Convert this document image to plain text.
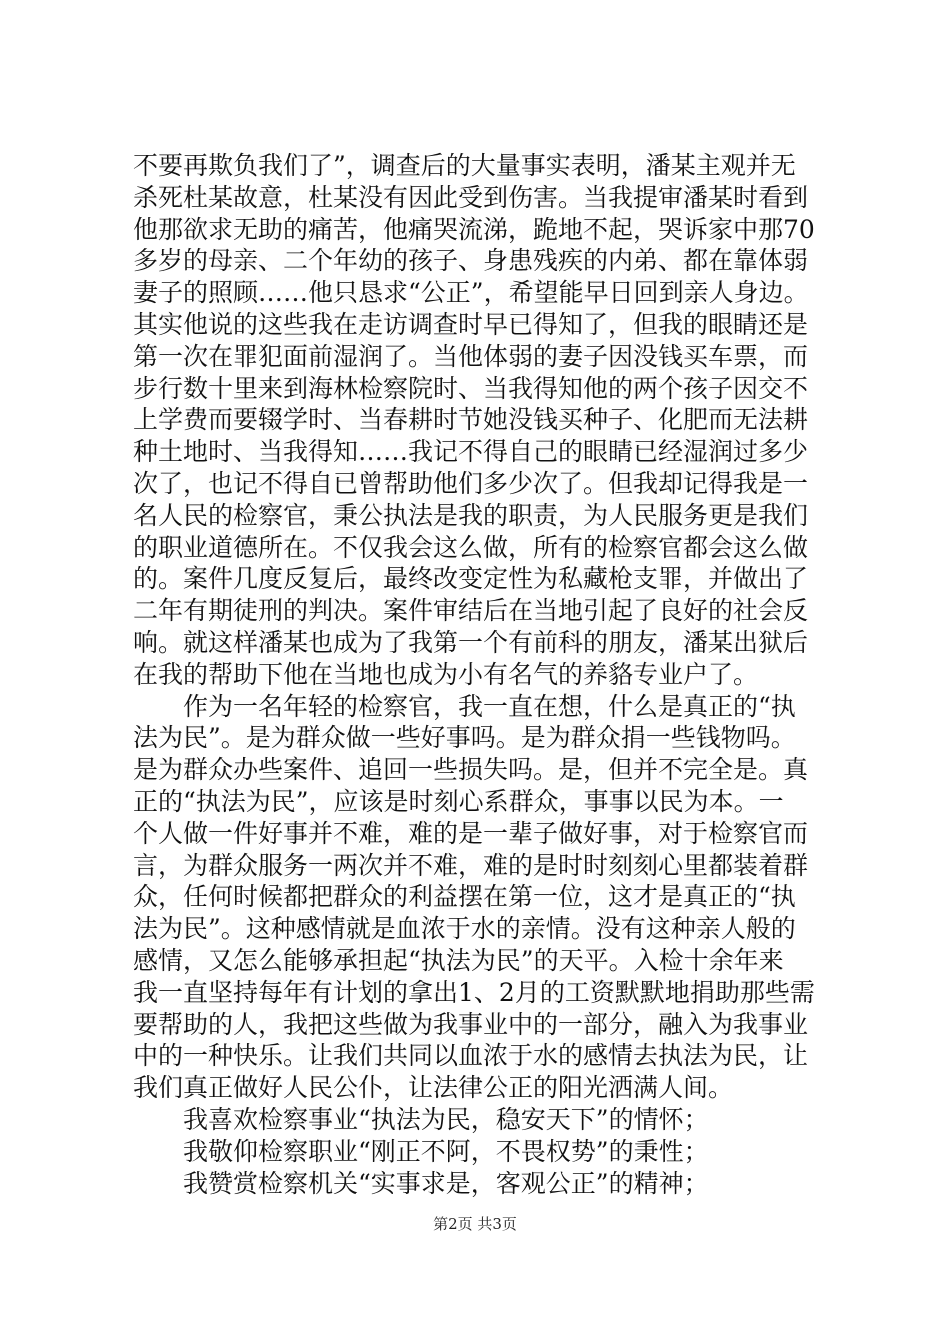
不要再欺负我们了”，调查后的大量事实表明，潘某主观并无
杀死杜某故意，杜某没有因此受到伤害。当我提审潘某时看到
他那欲求无助的痛苦，他痛哭流涕，跪地不起，哭诉家中那70
多岁的母亲、二个年幼的孩子、身患残疾的内弟、都在靠体弱
妻子的照顾……他只恳求“公正”，希望能早日回到亲人身边。
其实他说的这些我在走访调查时早已得知了，但我的眼睛还是
第一次在罪犯面前湿润了。当他体弱的妻子因没钱买车票，而
步行数十里来到海林检察院时、当我得知他的两个孩子因交不
上学费而要辍学时、当春耕时节她没钱买种子、化肥而无法耕
种土地时、当我得知……我记不得自己的眼睛已经湿润过多少
次了，也记不得自已曾帮助他们多少次了。但我却记得我是一
名人民的检察官，秉公执法是我的职责，为人民服务更是我们
的职业道德所在。不仅我会这么做，所有的检察官都会这么做
的。案件几度反复后，最终改变定性为私藏枪支罪，并做出了
二年有期徒刑的判决。案件审结后在当地引起了良好的社会反
响。就这样潘某也成为了我第一个有前科的朋友，潘某出狱后
在我的帮助下他在当地也成为小有名气的养貉专业户了。
作为一名年轻的检察官，我一直在想，什么是真正的“执
法为民”。是为群众做一些好事吗。是为群众捐一些钱物吗。
是为群众办些案件、追回一些损失吗。是，但并不完全是。真
正的“执法为民”，应该是时刻心系群众，事事以民为本。一
个人做一件好事并不难，难的是一辈子做好事，对于检察官而
言，为群众服务一两次并不难，难的是时时刻刻心里都装着群
众，任何时候都把群众的利益摆在第一位，这才是真正的“执
法为民”。这种感情就是血浓于水的亲情。没有这种亲人般的
感情，又怎么能够承担起“执法为民”的天平。入检十余年来
我一直坚持每年有计划的拿出1、2月的工资默默地捐助那些需
要帮助的人，我把这些做为我事业中的一部分，融入为我事业
中的一种快乐。让我们共同以血浓于水的感情去执法为民，让
我们真正做好人民公仆，让法律公正的阳光洒满人间。
我喜欢检察事业“执法为民，稳安天下”的情怀；
我敬仰检察职业“刚正不阿，不畏权势”的秉性；
我赞赏检察机关“实事求是，客观公正”的精神；
第2页 共3页
